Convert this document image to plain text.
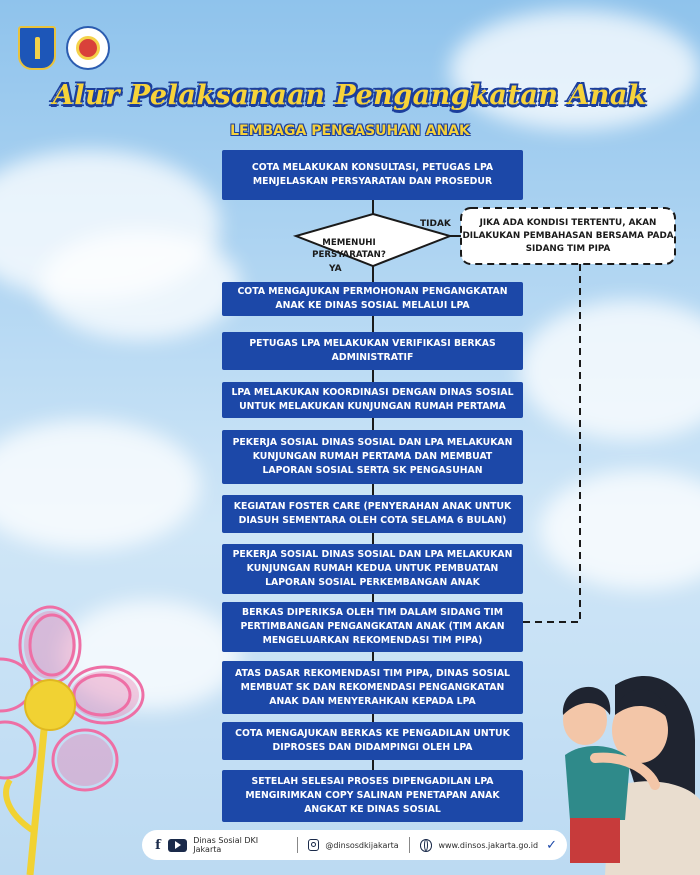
Alur Pelaksanaan Pengangkatan Anak
LEMBAGA PENGASUHAN ANAK
COTA MELAKUKAN KONSULTASI, PETUGAS LPA MENJELASKAN PERSYARATAN DAN PROSEDUR
MEMENUHI PERSYARATAN?
YA
TIDAK	JIKA ADA KONDISI TERTENTU, AKAN DILAKUKAN PEMBAHASAN BERSAMA PADA SIDANG TIM PIPA
COTA MENGAJUKAN PERMOHONAN PENGANGKATAN ANAK KE DINAS SOSIAL MELALUI LPA
PETUGAS LPA MELAKUKAN VERIFIKASI BERKAS ADMINISTRATIF
LPA MELAKUKAN KOORDINASI DENGAN DINAS SOSIAL UNTUK MELAKUKAN KUNJUNGAN RUMAH PERTAMA
PEKERJA SOSIAL DINAS SOSIAL DAN LPA MELAKUKAN KUNJUNGAN RUMAH PERTAMA DAN MEMBUAT LAPORAN SOSIAL SERTA SK PENGASUHAN
KEGIATAN FOSTER CARE (PENYERAHAN ANAK UNTUK DIASUH SEMENTARA OLEH COTA SELAMA 6 BULAN)
PEKERJA SOSIAL DINAS SOSIAL DAN LPA MELAKUKAN KUNJUNGAN RUMAH KEDUA UNTUK PEMBUATAN LAPORAN SOSIAL PERKEMBANGAN ANAK
BERKAS DIPERIKSA OLEH TIM DALAM SIDANG TIM PERTIMBANGAN PENGANGKATAN ANAK (TIM AKAN MENGELUARKAN REKOMENDASI TIM PIPA)
ATAS DASAR REKOMENDASI TIM PIPA, DINAS SOSIAL MEMBUAT SK DAN REKOMENDASI PENGANGKATAN ANAK DAN MENYERAHKAN KEPADA LPA
COTA MENGAJUKAN BERKAS KE PENGADILAN UNTUK DIPROSES DAN DIDAMPINGI OLEH LPA
SETELAH SELESAI PROSES DIPENGADILAN LPA MENGIRIMKAN COPY SALINAN PENETAPAN ANAK ANGKAT KE DINAS SOSIAL
f	Dinas Sosial DKI Jakarta	@dinsosdkijakarta	www.dinsos.jakarta.go.id ✓
